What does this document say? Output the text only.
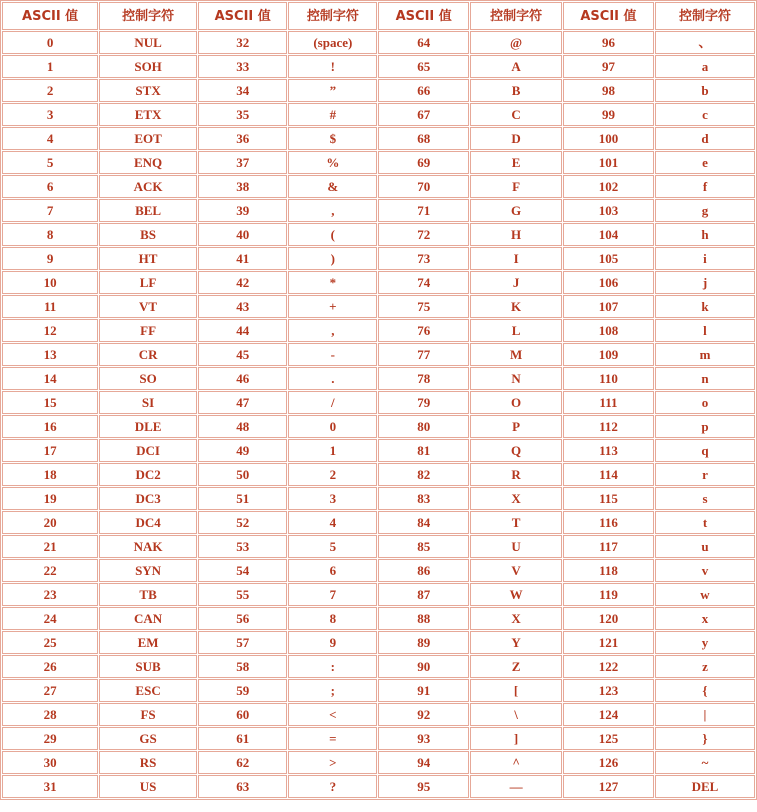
ASCII 值	控制字符	ASCII 值	控制字符	ASCII 值	控制字符	ASCII 值	控制字符
0	NUL	32	(space)	64	@	96	、
1	SOH	33	!	65	A	97	a
2	STX	34	”	66	B	98	b
3	ETX	35	#	67	C	99	c
4	EOT	36	$	68	D	100	d
5	ENQ	37	%	69	E	101	e
6	ACK	38	&	70	F	102	f
7	BEL	39	,	71	G	103	g
8	BS	40	(	72	H	104	h
9	HT	41	)	73	I	105	i
10	LF	42	*	74	J	106	j
11	VT	43	+	75	K	107	k
12	FF	44	,	76	L	108	l
13	CR	45	-	77	M	109	m
14	SO	46	.	78	N	110	n
15	SI	47	/	79	O	111	o
16	DLE	48	0	80	P	112	p
17	DCI	49	1	81	Q	113	q
18	DC2	50	2	82	R	114	r
19	DC3	51	3	83	X	115	s
20	DC4	52	4	84	T	116	t
21	NAK	53	5	85	U	117	u
22	SYN	54	6	86	V	118	v
23	TB	55	7	87	W	119	w
24	CAN	56	8	88	X	120	x
25	EM	57	9	89	Y	121	y
26	SUB	58	:	90	Z	122	z
27	ESC	59	;	91	[	123	{
28	FS	60	<	92	\	124	|
29	GS	61	=	93	]	125	}
30	RS	62	>	94	^	126	~
31	US	63	?	95	—	127	DEL
